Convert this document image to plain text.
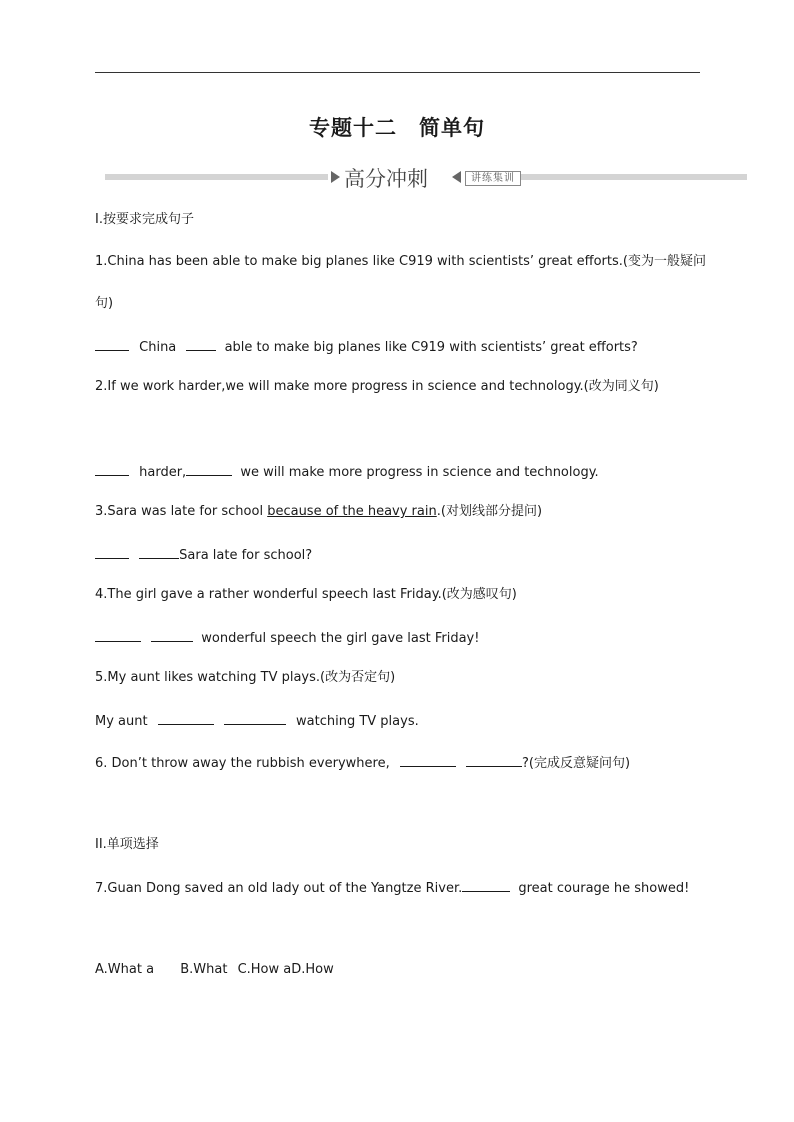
专题十二　简单句
高分冲刺	讲练集训
I.按要求完成句子
1.China has been able to make big planes like C919 with scientists’ great efforts.(变为一般疑问
句)
China	able to make big planes like C919 with scientists’ great efforts?
2.If we work harder,we will make more progress in science and technology.(改为同义句)
harder,	we will make more progress in science and technology.
3.Sara was late for school because of the heavy rain.(对划线部分提问)
Sara late for school?
4.The girl gave a rather wonderful speech last Friday.(改为感叹句)
wonderful speech the girl gave last Friday!
5.My aunt likes watching TV plays.(改为否定句)
My aunt	watching TV plays.
6. Don’t throw away the rubbish everywhere,	?(完成反意疑问句)
II.单项选择
7.Guan Dong saved an old lady out of the Yangtze River.	great courage he showed!
A.What a B.What C.How aD.How
